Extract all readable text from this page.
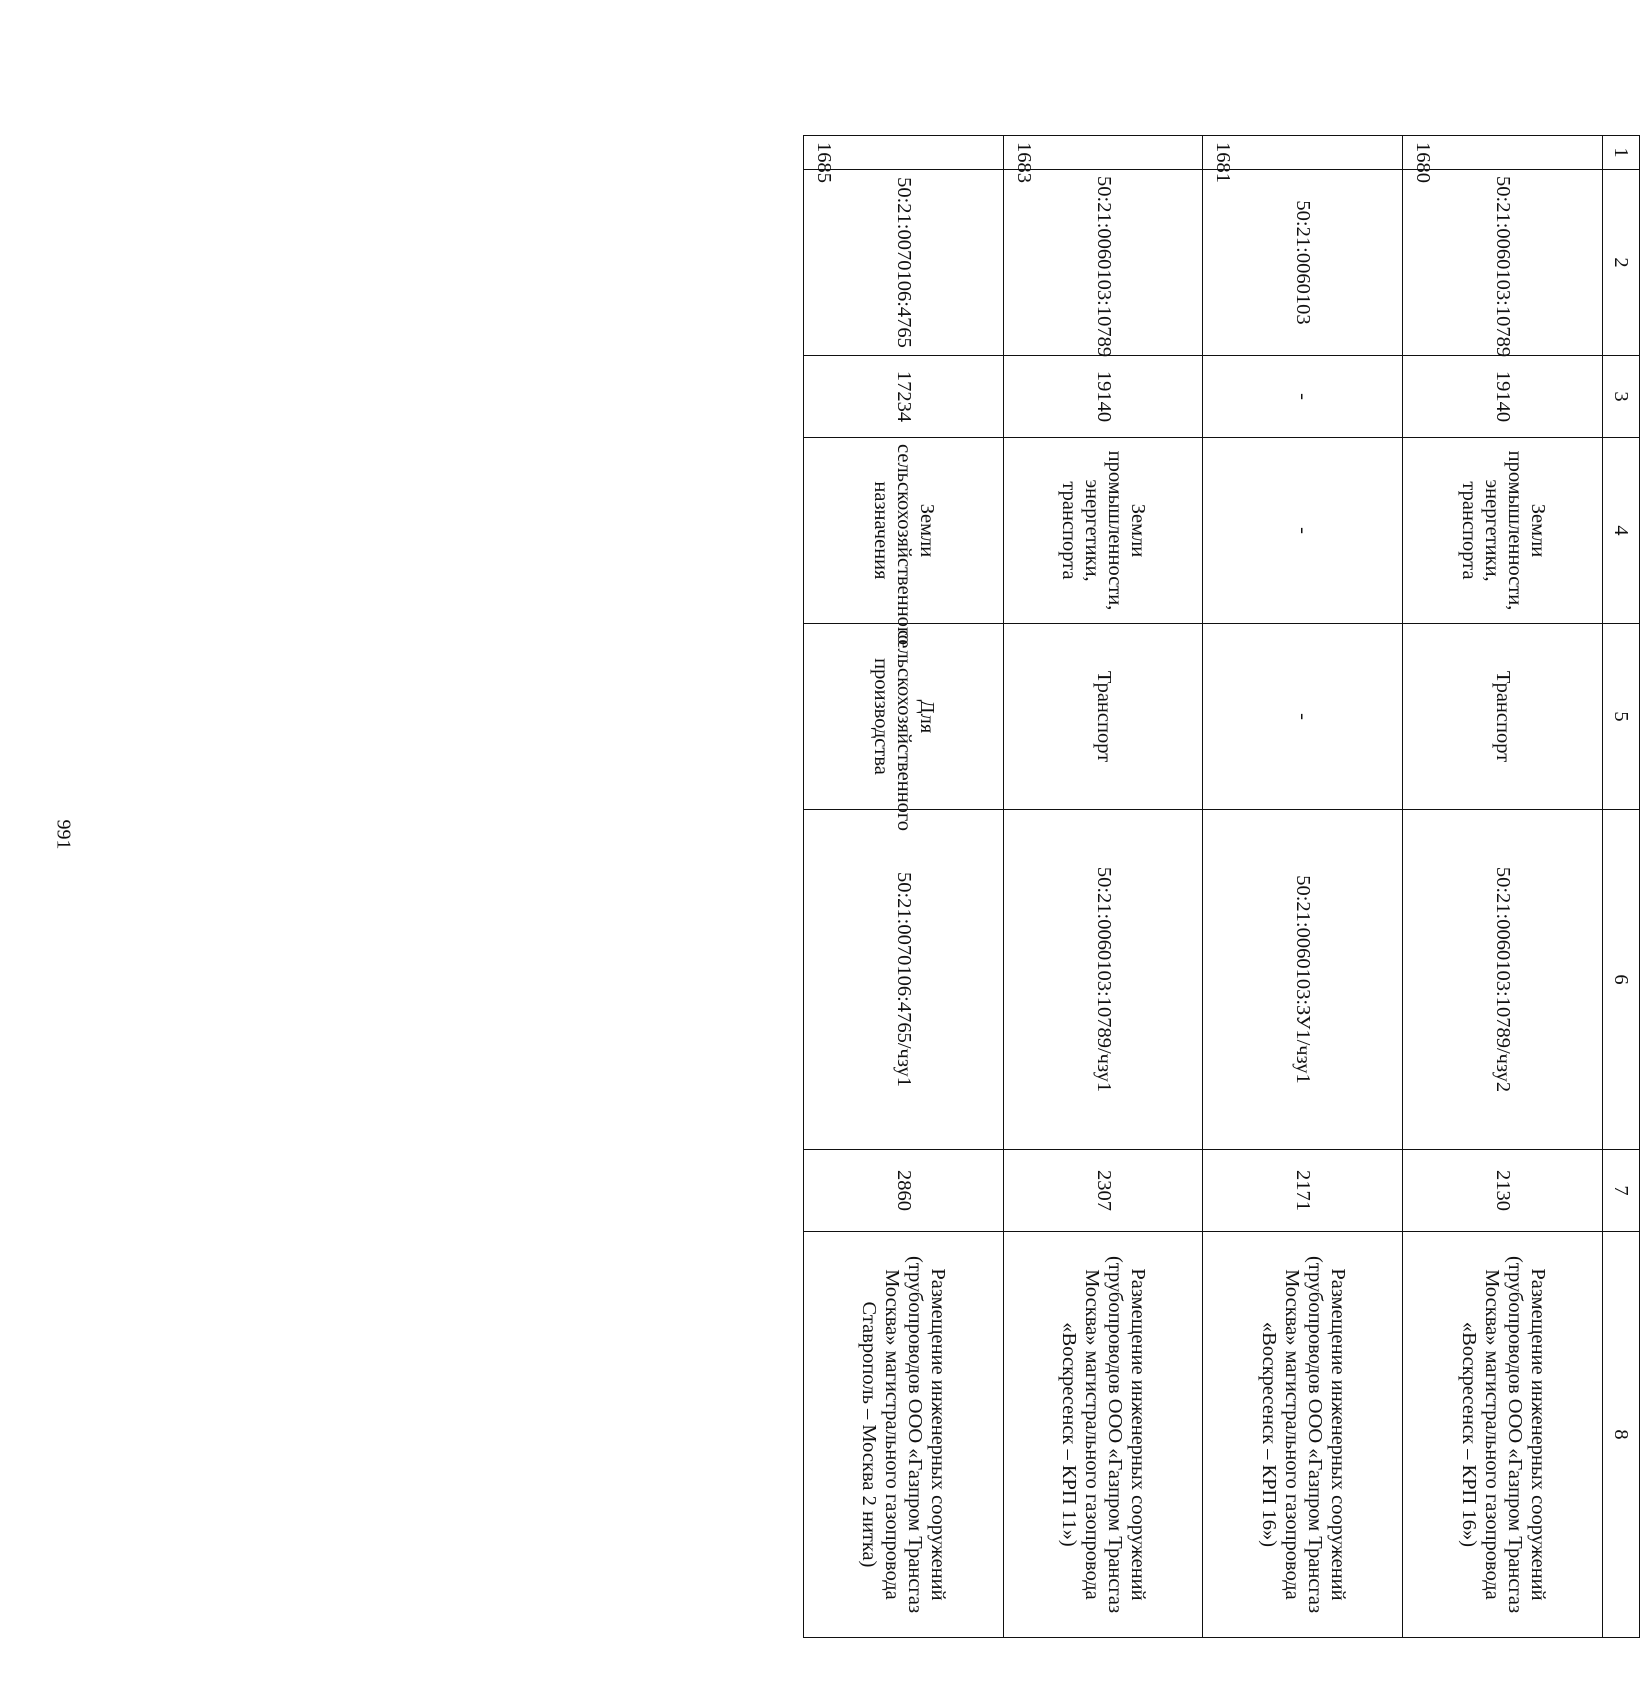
991
1	2	3	4	5	6	7	8
1680	50:21:0060103:10789	19140	Земли промышленности, энергетики, транспорта	Транспорт	50:21:0060103:10789/чзу2	2130	Размещение инженерных сооружений (трубопроводов ООО «Газпром Трансгаз Москва» магистрального газопровода «Воскресенск – КРП 16»)
1681	50:21:0060103	-	-	-	50:21:0060103:ЗУ1/чзу1	2171	Размещение инженерных сооружений (трубопроводов ООО «Газпром Трансгаз Москва» магистрального газопровода «Воскресенск – КРП 16»)
1683	50:21:0060103:10789	19140	Земли промышленности, энергетики, транспорта	Транспорт	50:21:0060103:10789/чзу1	2307	Размещение инженерных сооружений (трубопроводов ООО «Газпром Трансгаз Москва» магистрального газопровода «Воскресенск – КРП 11»)
1685	50:21:0070106:4765	17234	Земли сельскохозяйственного назначения	Для сельскохозяйственного производства	50:21:0070106:4765/чзу1	2860	Размещение инженерных сооружений (трубопроводов ООО «Газпром Трансгаз Москва» магистрального газопровода Ставрополь – Москва 2 нитка)
